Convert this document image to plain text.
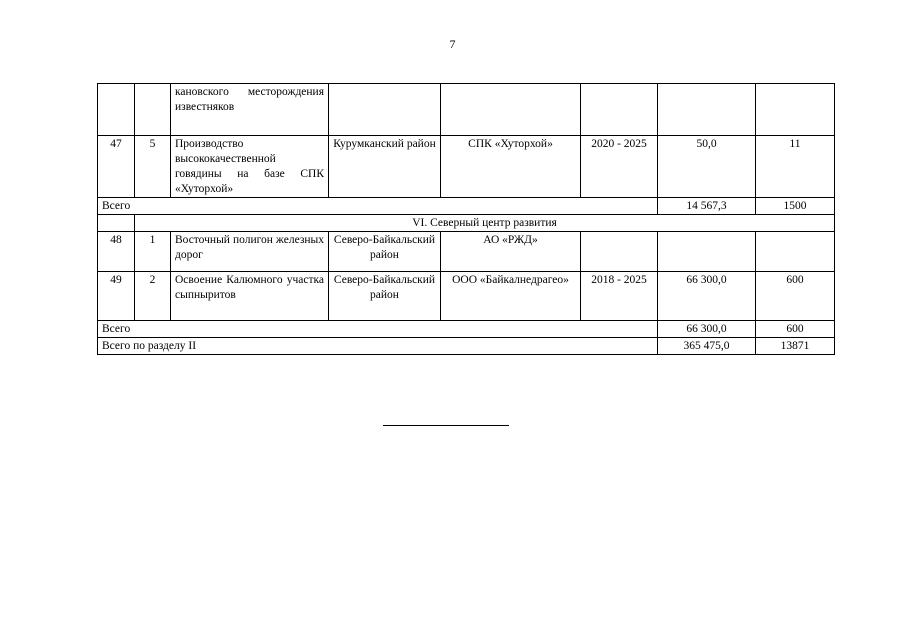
7
		кановского месторождения известняков					
47	5	Производство высококачественной говядины на базе СПК «Хуторхой»	Курумканский район	СПК «Хуторхой»	2020 - 2025	50,0	11
Всего						14 567,3	1500
	VI. Северный центр развития						
48	1	Восточный полигон железных дорог	Северо-Байкальский район	АО «РЖД»			
49	2	Освоение Калюмного участка сыпныритов	Северо-Байкальский район	ООО «Байкалнедрагео»	2018 - 2025	66 300,0	600
Всего						66 300,0	600
Всего по разделу II						365 475,0	13871
